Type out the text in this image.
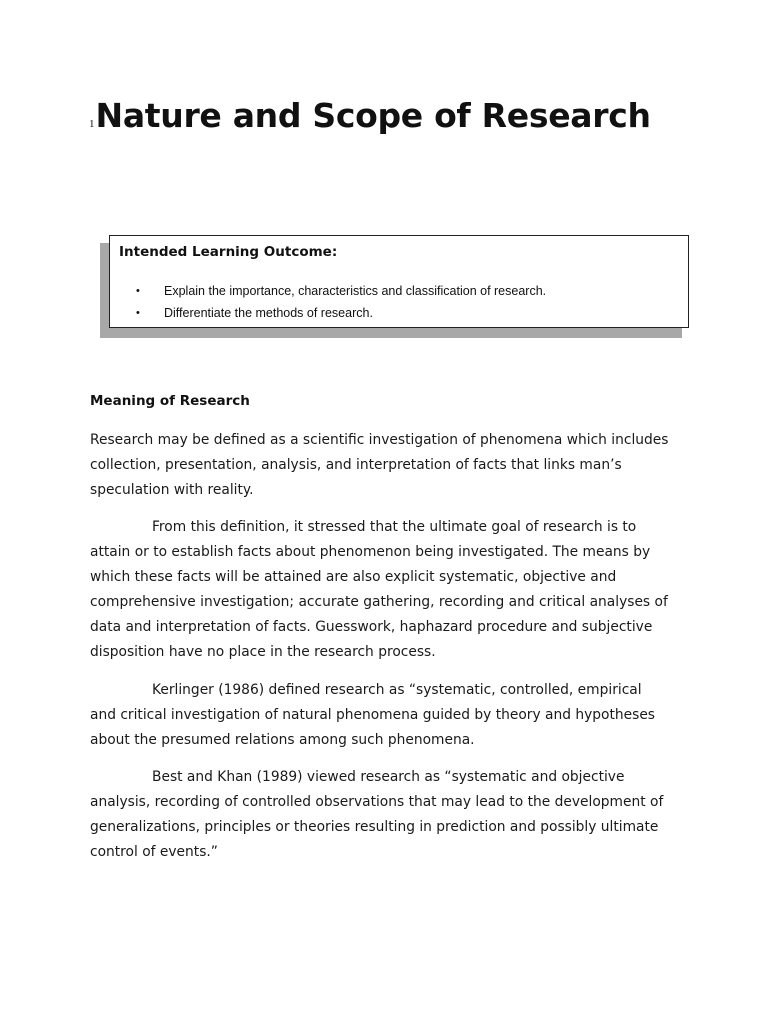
1Nature and Scope of Research
Intended Learning Outcome:
•	Explain the importance, characteristics and classification of research.
•	Differentiate the methods of research.
Meaning of Research

Research may be defined as a scientific investigation of phenomena which includes
collection, presentation, analysis, and interpretation of facts that links man’s
speculation with reality.

From this definition, it stressed that the ultimate goal of research is to
attain or to establish facts about phenomenon being investigated. The means by
which these facts will be attained are also explicit systematic, objective and
comprehensive investigation; accurate gathering, recording and critical analyses of
data and interpretation of facts. Guesswork, haphazard procedure and subjective
disposition have no place in the research process.

Kerlinger (1986) defined research as “systematic, controlled, empirical
and critical investigation of natural phenomena guided by theory and hypotheses
about the presumed relations among such phenomena.

Best and Khan (1989) viewed research as “systematic and objective
analysis, recording of controlled observations that may lead to the development of
generalizations, principles or theories resulting in prediction and possibly ultimate
control of events.”
